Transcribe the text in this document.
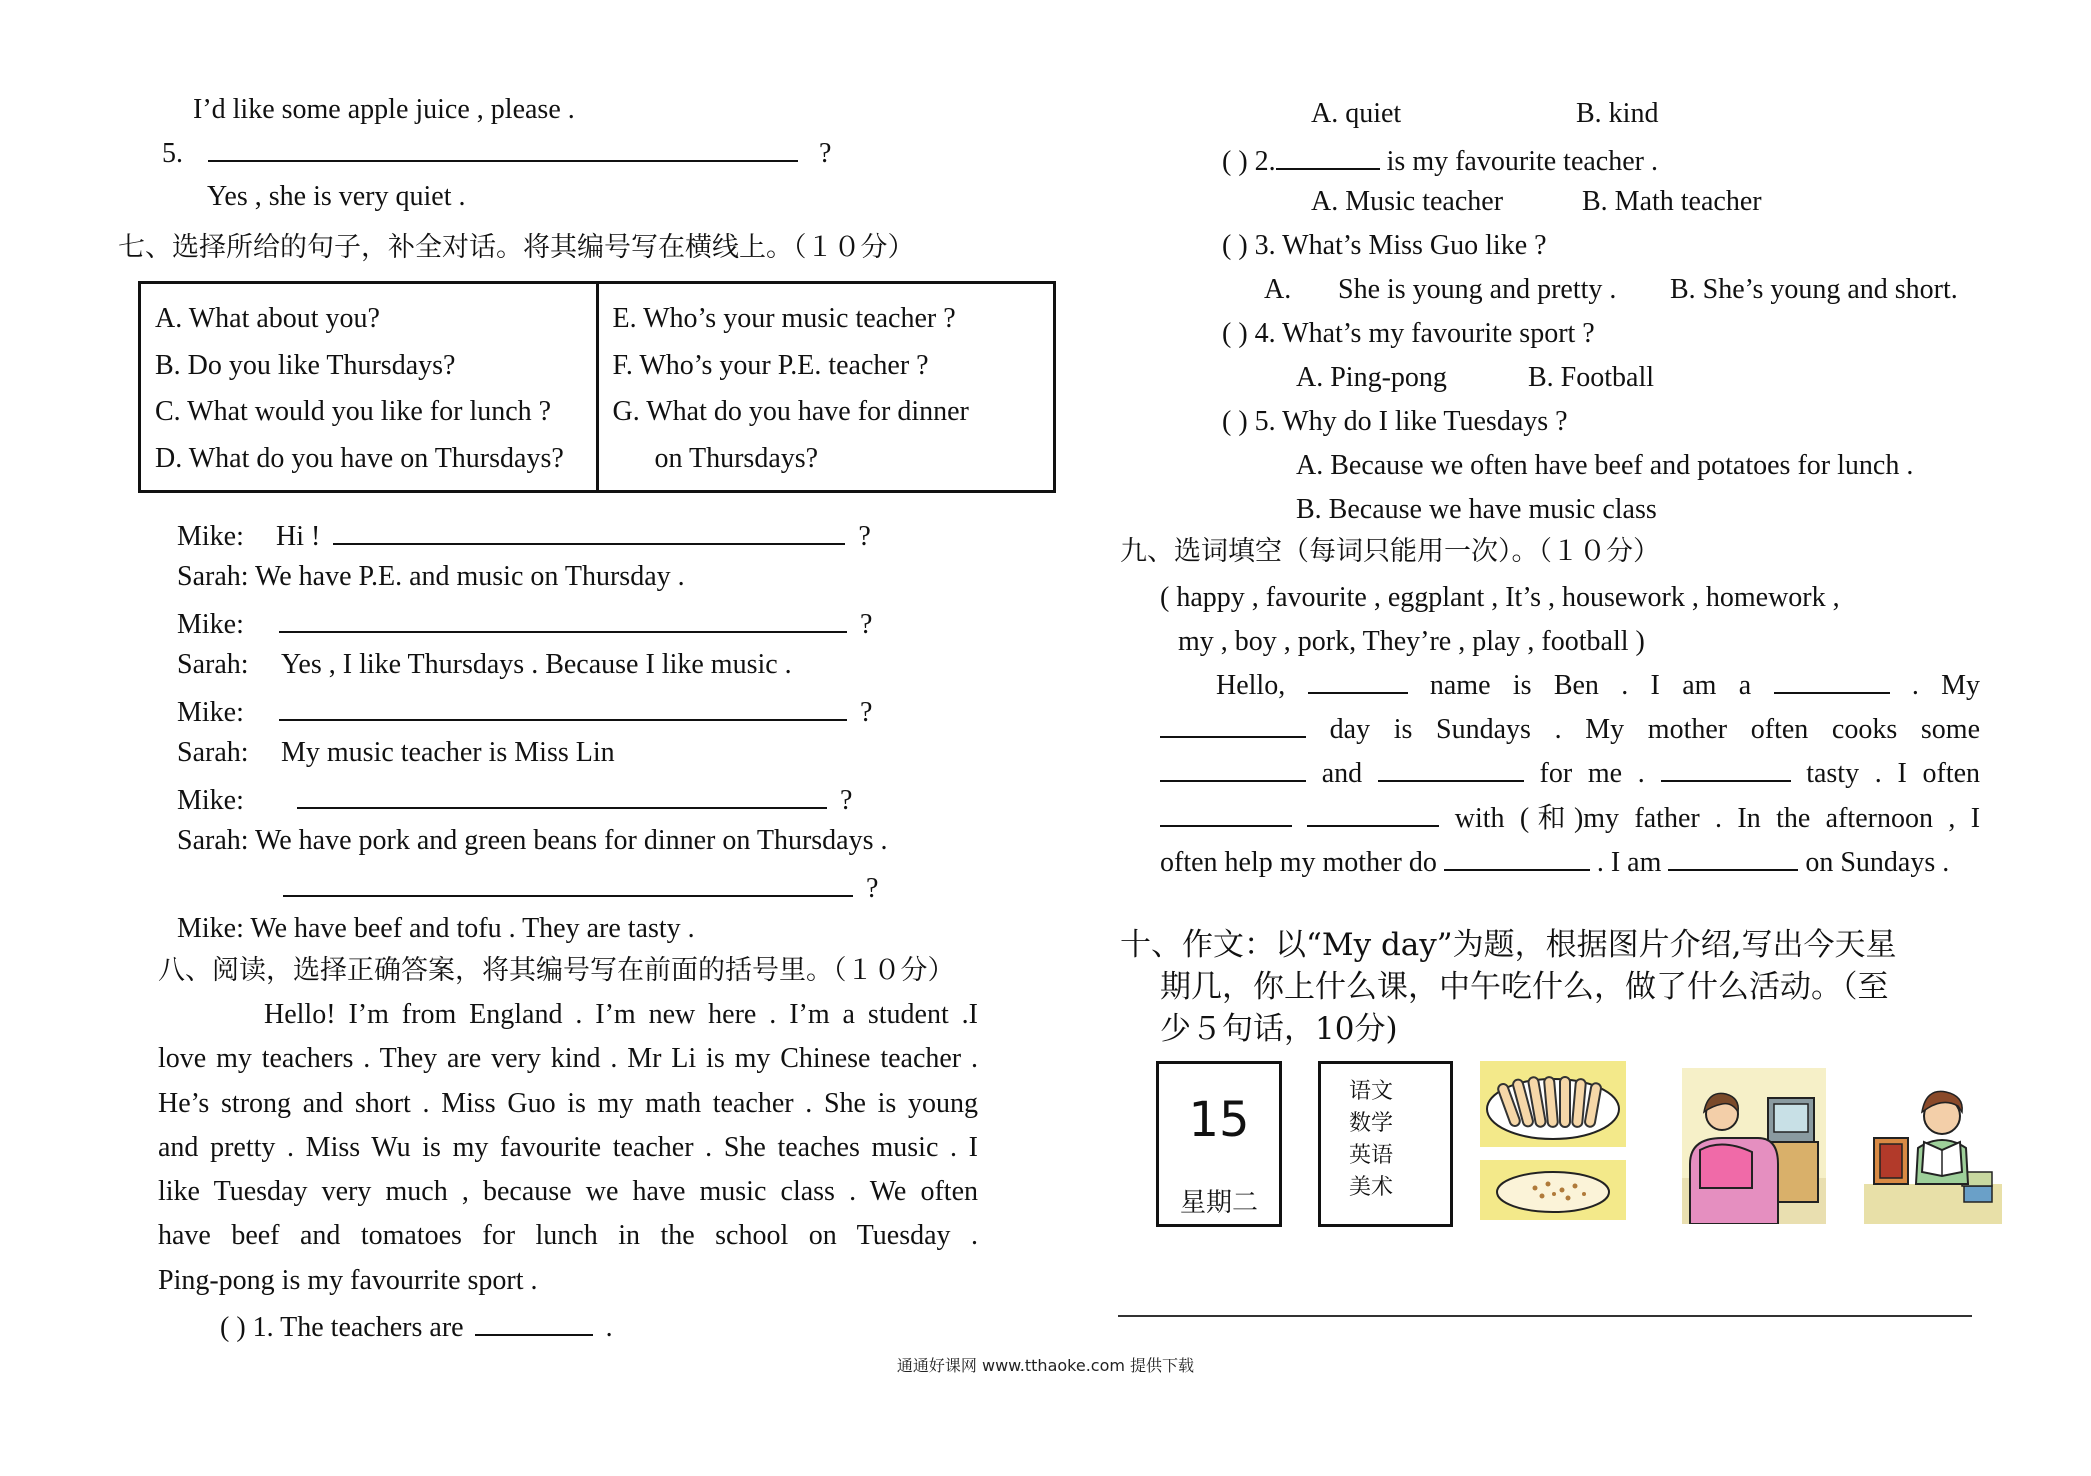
I’d like some apple juice , please .
5.	?
Yes , she is very quiet .
七、选择所给的句子，补全对话。将其编号写在横线上。（１０分）
A. What about you?
B. Do you like Thursdays?
C. What would you like for lunch ?
D. What do you have on Thursdays?
E. Who’s your music teacher ?
F. Who’s your P.E. teacher ?
G. What do you have for dinner
on Thursdays?
Mike: Hi !	?
Sarah: We have P.E. and music on Thursday .
Mike:	?
Sarah: Yes , I like Thursdays . Because I like music .
Mike:	?
Sarah: My music teacher is Miss Lin
Mike:	?
Sarah: We have pork and green beans for dinner on Thursdays .
?
Mike: We have beef and tofu . They are tasty .
八、阅读，选择正确答案，将其编号写在前面的括号里。（１０分）
Hello! I’m from England . I’m new here . I’m a student .I
love my teachers . They are very kind . Mr Li is my Chinese teacher .
He’s strong and short . Miss Guo is my math teacher . She is young
and pretty . Miss Wu is my favourite teacher . She teaches music . I
like Tuesday very much , because we have music class . We often
have beef and tomatoes for lunch in the school on Tuesday .
Ping-pong is my favourrite sport .
( ) 1. The teachers are	.
A. quiet	B. kind
( ) 2.	is my favourite teacher .
A. Music teacher	B. Math teacher
( ) 3. What’s Miss Guo like ?
A. She is young and pretty . B. She’s young and short.
( ) 4. What’s my favourite sport ?
A. Ping-pong	B. Football
( ) 5. Why do I like Tuesdays ?
A. Because we often have beef and potatoes for lunch .
B. Because we have music class
九、选词填空（每词只能用一次）。（１０分）
( happy , favourite , eggplant , It’s , housework , homework ,
my , boy , pork, They’re , play , football )
Hello,	name is Ben . I am a	. My
day is Sundays . My mother often cooks some
and	for me .	tasty . I often
with (和)my father . In the afternoon , I
often help my mother do	. I am	on Sundays .
十、作文：以“My day”为题，根据图片介绍,写出今天星
期几，你上什么课，中午吃什么，做了什么活动。（至
少５句话，10分)
15
星期二
语文
数学
英语
美术
通通好课网 www.tthaoke.com 提供下载
